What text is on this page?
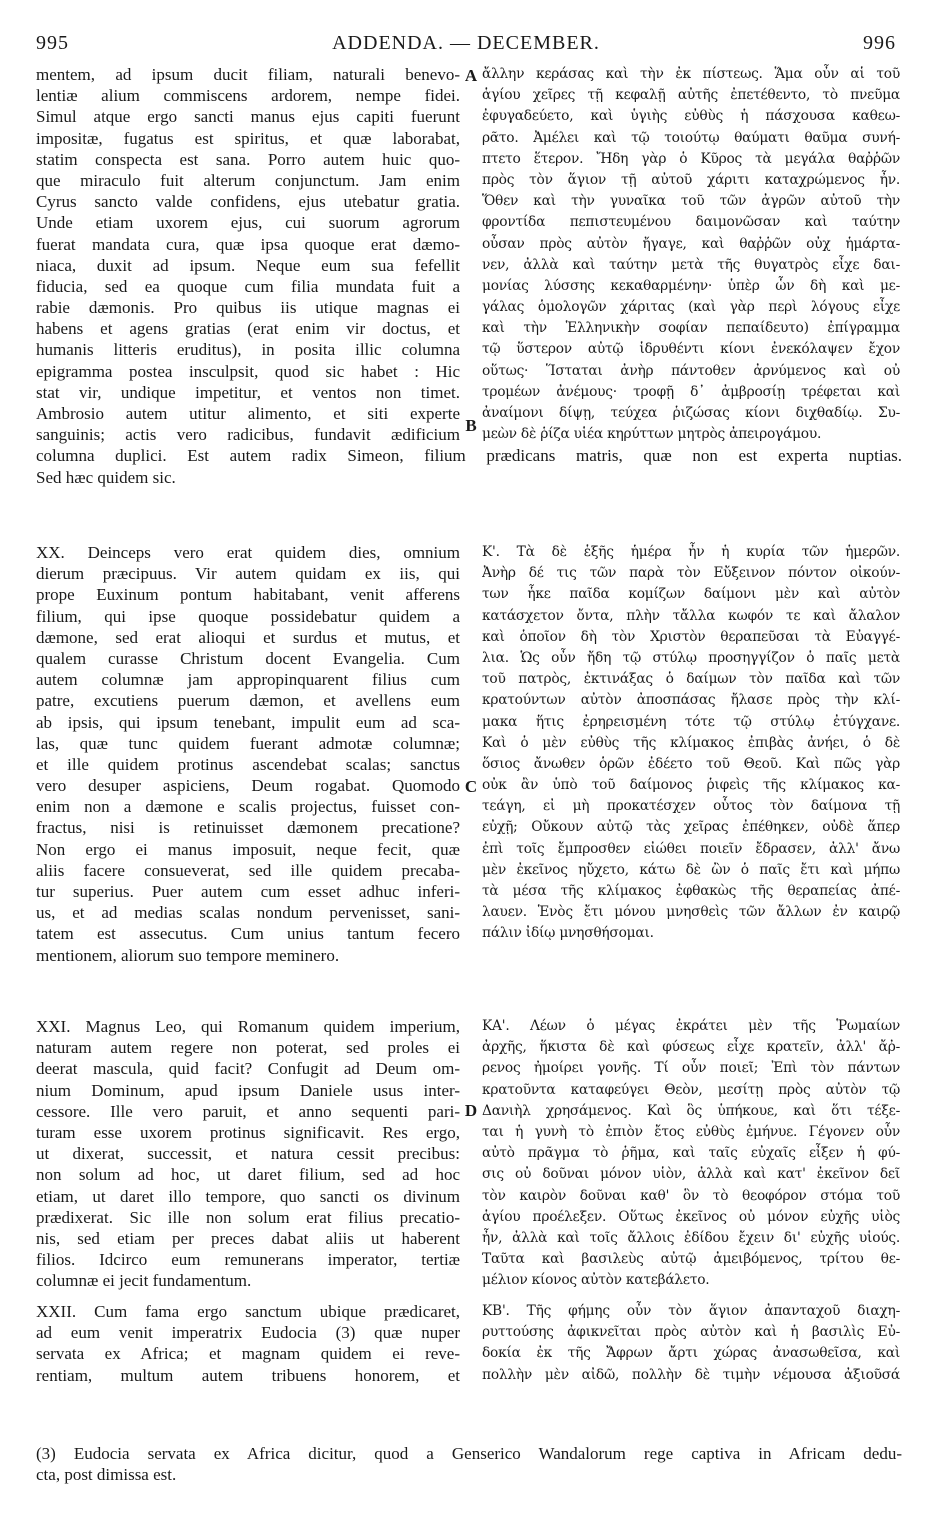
995	ADDENDA. — DECEMBER.	996
A
B
C
D
mentem, ad ipsum ducit filiam, naturali benevo-
lentiæ alium commiscens ardorem, nempe fidei.
Simul atque ergo sancti manus ejus capiti fuerunt
impositæ, fugatus est spiritus, et quæ laborabat,
statim conspecta est sana. Porro autem huic quo-
que miraculo fuit alterum conjunctum. Jam enim
Cyrus sancto valde confidens, ejus utebatur gratia.
Unde etiam uxorem ejus, cui suorum agrorum
fuerat mandata cura, quæ ipsa quoque erat dæmo-
niaca, duxit ad ipsum. Neque eum sua fefellit
fiducia, sed ea quoque cum filia mundata fuit a
rabie dæmonis. Pro quibus iis utique magnas ei
habens et agens gratias (erat enim vir doctus, et
humanis litteris eruditus), in posita illic columna
epigramma postea insculpsit, quod sic habet : Hic
stat vir, undique impetitur, et ventos non timet.
Ambrosio autem utitur alimento, et siti experte
sanguinis; actis vero radicibus, fundavit ædificium
columna duplici. Est autem radix Simeon, filium prædicans matris, quæ non est experta nuptias.
Sed hæc quidem sic.
ἄλλην κεράσας καὶ τὴν ἐκ πίστεως. Ἅμα οὖν αἱ τοῦ
ἁγίου χεῖρες τῇ κεφαλῇ αὐτῆς ἐπετέθεντο, τὸ πνεῦμα
ἐφυγαδεύετο, καὶ ὑγιὴς εὐθὺς ἡ πάσχουσα καθεω-
ρᾶτο. Ἀμέλει καὶ τῷ τοιούτῳ θαύματι θαῦμα συνή-
πτετο ἕτερον. Ἤδη γὰρ ὁ Κῦρος τὰ μεγάλα θαῤῥῶν
πρὸς τὸν ἅγιον τῇ αὐτοῦ χάριτι καταχρώμενος ἦν.
Ὅθεν καὶ τὴν γυναῖκα τοῦ τῶν ἀγρῶν αὐτοῦ τὴν
φροντίδα πεπιστευμένου δαιμονῶσαν καὶ ταύτην
οὖσαν πρὸς αὐτὸν ἤγαγε, καὶ θαῤῥῶν οὐχ ἡμάρτα-
νεν, ἀλλὰ καὶ ταύτην μετὰ τῆς θυγατρὸς εἶχε δαι-
μονίας λύσσης κεκαθαρμένην· ὑπὲρ ὧν δὴ καὶ με-
γάλας ὁμολογῶν χάριτας (καὶ γὰρ περὶ λόγους εἶχε
καὶ τὴν Ἑλληνικὴν σοφίαν πεπαίδευτο) ἐπίγραμμα
τῷ ὕστερον αὐτῷ ἱδρυθέντι κίονι ἐνεκόλαψεν ἔχον
οὕτως· Ἵσταται ἀνὴρ πάντοθεν ἀρνύμενος καὶ οὐ
τρομέων ἀνέμους· τροφῇ δ᾽ ἀμβροσίῃ τρέφεται καὶ
ἀναίμονι δίψῃ, τεύχεα ῥιζώσας κίονι διχθαδίῳ. Συ-
μεὼν δὲ ῥίζα υἱέα κηρύττων μητρὸς ἀπειρογάμου.
XX. Deinceps vero erat quidem dies, omnium
dierum præcipuus. Vir autem quidam ex iis, qui
prope Euxinum pontum habitabant, venit afferens
filium, qui ipse quoque possidebatur quidem a
dæmone, sed erat alioqui et surdus et mutus, et
qualem curasse Christum docent Evangelia. Cum
autem columnæ jam appropinquarent filius cum
patre, excutiens puerum dæmon, et avellens eum
ab ipsis, qui ipsum tenebant, impulit eum ad sca-
las, quæ tunc quidem fuerant admotæ columnæ;
et ille quidem protinus ascendebat scalas; sanctus
vero desuper aspiciens, Deum rogabat. Quomodo
enim non a dæmone e scalis projectus, fuisset con-
fractus, nisi is retinuisset dæmonem precatione?
Non ergo ei manus imposuit, neque fecit, quæ
aliis facere consueverat, sed ille quidem precaba-
tur superius. Puer autem cum esset adhuc inferi-
us, et ad medias scalas nondum pervenisset, sani-
tatem est assecutus. Cum unius tantum fecero
mentionem, aliorum suo tempore meminero.
Κ'. Τὰ δὲ ἑξῆς ἡμέρα ἦν ἡ κυρία τῶν ἡμερῶν.
Ἀνὴρ δέ τις τῶν παρὰ τὸν Εὔξεινον πόντον οἰκούν-
των ἧκε παῖδα κομίζων δαίμονι μὲν καὶ αὐτὸν
κατάσχετον ὄντα, πλὴν τἄλλα κωφόν τε καὶ ἄλαλον
καὶ ὁποῖον δὴ τὸν Χριστὸν θεραπεῦσαι τὰ Εὐαγγέ-
λια. Ὡς οὖν ἤδη τῷ στύλῳ προσηγγίζον ὁ παῖς μετὰ
τοῦ πατρὸς, ἐκτινάξας ὁ δαίμων τὸν παῖδα καὶ τῶν
κρατούντων αὐτὸν ἀποσπάσας ἤλασε πρὸς τὴν κλί-
μακα ἥτις ἐρηρεισμένη τότε τῷ στύλῳ ἐτύγχανε.
Καὶ ὁ μὲν εὐθὺς τῆς κλίμακος ἐπιβὰς ἀνήει, ὁ δὲ
ὅσιος ἄνωθεν ὁρῶν ἐδέετο τοῦ Θεοῦ. Καὶ πῶς γὰρ
οὐκ ἂν ὑπὸ τοῦ δαίμονος ῥιφεὶς τῆς κλίμακος κα-
τεάγη, εἰ μὴ προκατέσχεν οὗτος τὸν δαίμονα τῇ
εὐχῇ; Οὔκουν αὐτῷ τὰς χεῖρας ἐπέθηκεν, οὐδὲ ἅπερ
ἐπὶ τοῖς ἔμπροσθεν εἰώθει ποιεῖν ἔδρασεν, ἀλλ' ἄνω
μὲν ἐκεῖνος ηὔχετο, κάτω δὲ ὢν ὁ παῖς ἔτι καὶ μήπω
τὰ μέσα τῆς κλίμακος ἐφθακὼς τῆς θεραπείας ἀπέ-
λαυεν. Ἑνὸς ἔτι μόνου μνησθεὶς τῶν ἄλλων ἐν καιρῷ
πάλιν ἰδίῳ μνησθήσομαι.
XXI. Magnus Leo, qui Romanum quidem imperium,
naturam autem regere non poterat, sed proles ei
deerat mascula, quid facit? Confugit ad Deum om-
nium Dominum, apud ipsum Daniele usus inter-
cessore. Ille vero paruit, et anno sequenti pari-
turam esse uxorem protinus significavit. Res ergo,
ut dixerat, successit, et natura cessit precibus:
non solum ad hoc, ut daret filium, sed ad hoc
etiam, ut daret illo tempore, quo sancti os divinum
prædixerat. Sic ille non solum erat filius precatio-
nis, sed etiam per preces dabat aliis ut haberent
filios. Idcirco eum remunerans imperator, tertiæ
columnæ ei jecit fundamentum.
ΚΑ'. Λέων ὁ μέγας ἐκράτει μὲν τῆς Ῥωμαίων
ἀρχῆς, ἥκιστα δὲ καὶ φύσεως εἶχε κρατεῖν, ἀλλ' ἄῤ-
ρενος ἠμοίρει γονῆς. Τί οὖν ποιεῖ; Ἐπὶ τὸν πάντων
κρατοῦντα καταφεύγει Θεὸν, μεσίτῃ πρὸς αὐτὸν τῷ
Δανιὴλ χρησάμενος. Καὶ ὃς ὑπήκουε, καὶ ὅτι τέξε-
ται ἡ γυνὴ τὸ ἐπιὸν ἔτος εὐθὺς ἐμήνυε. Γέγονεν οὖν
αὐτὸ πρᾶγμα τὸ ῥῆμα, καὶ ταῖς εὐχαῖς εἶξεν ἡ φύ-
σις οὐ δοῦναι μόνον υἱὸν, ἀλλὰ καὶ κατ' ἐκεῖνον δεῖ
τὸν καιρὸν δοῦναι καθ' ὃν τὸ θεοφόρον στόμα τοῦ
ἁγίου προέλεξεν. Οὕτως ἐκεῖνος οὐ μόνον εὐχῆς υἱὸς
ἦν, ἀλλὰ καὶ τοῖς ἄλλοις ἐδίδου ἔχειν δι' εὐχῆς υἱούς.
Ταῦτα καὶ βασιλεὺς αὐτῷ ἀμειβόμενος, τρίτου θε-
μέλιον κίονος αὐτὸν κατεβάλετο.
XXII. Cum fama ergo sanctum ubique prædicaret,
ad eum venit imperatrix Eudocia (3) quæ nuper
servata ex Africa; et magnam quidem ei reve-
rentiam, multum autem tribuens honorem, et
ΚΒ'. Τῆς φήμης οὖν τὸν ἅγιον ἀπανταχοῦ διαχη-
ρυττούσης ἀφικνεῖται πρὸς αὐτὸν καὶ ἡ βασιλὶς Εὐ-
δοκία ἐκ τῆς Ἄφρων ἄρτι χώρας ἀνασωθεῖσα, καὶ
πολλὴν μὲν αἰδῶ, πολλὴν δὲ τιμὴν νέμουσα ἀξιοῦσά
(3) Eudocia servata ex Africa dicitur, quod a Genserico Wandalorum rege captiva in Africam dedu-
cta, post dimissa est.
